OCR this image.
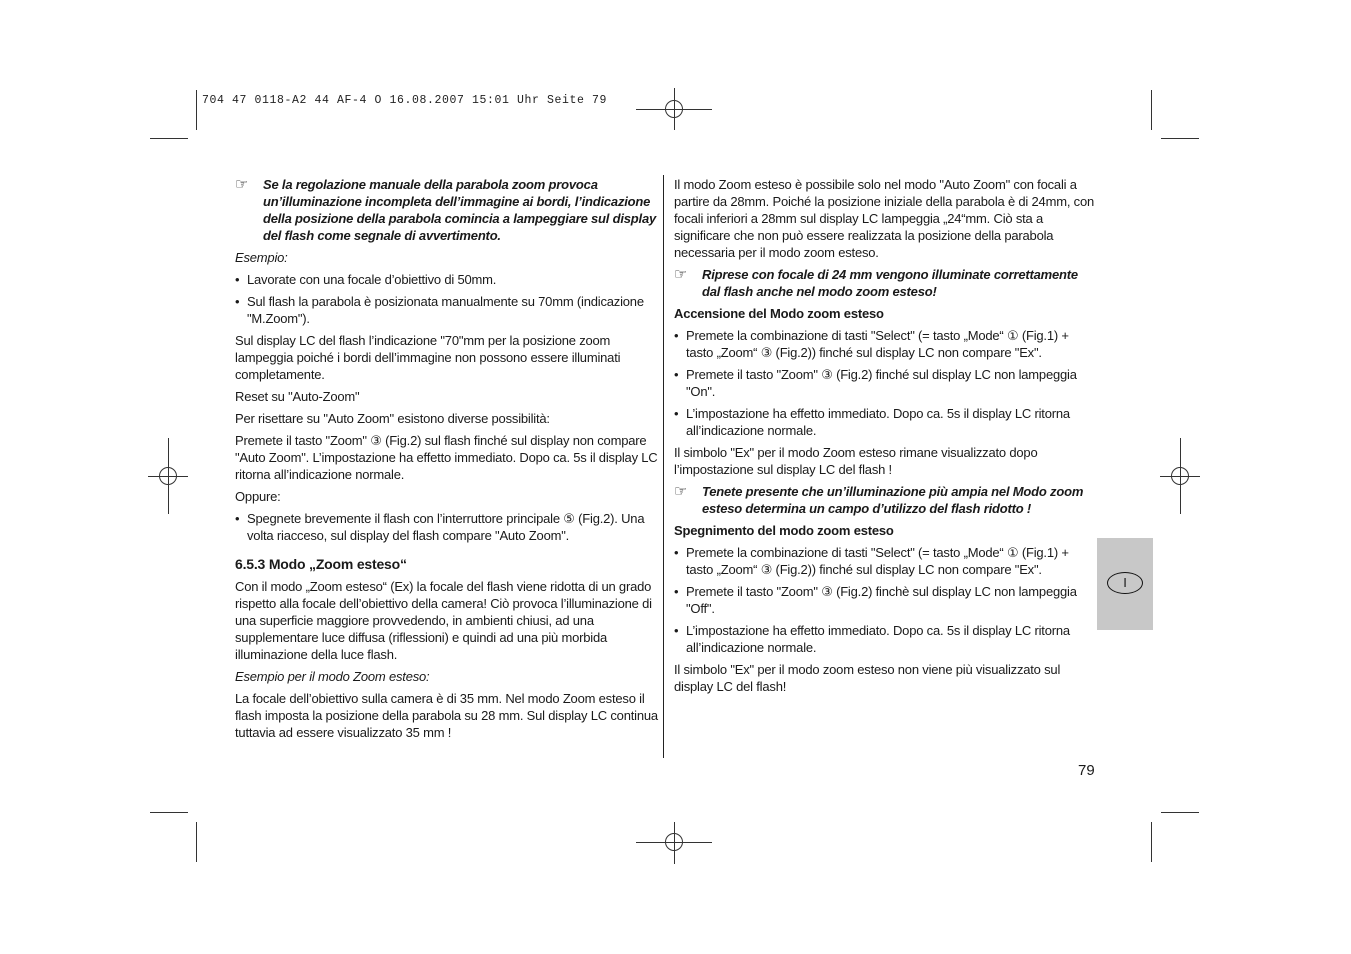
704 47 0118-A2 44 AF-4 O 16.08.2007 15:01 Uhr Seite 79
☞	Se la regolazione manuale della parabola zoom provoca un’illuminazione incompleta dell’immagine ai bordi, l’indicazione della posizione della parabola comincia a lampeggiare sul display del flash come segnale di avvertimento.

Esempio:

• Lavorate con una focale d’obiettivo di 50mm.
• Sul flash la parabola è posizionata manualmente su 70mm (indicazione "M.Zoom").

Sul display LC del flash l’indicazione "70"mm per la posizione zoom lampeggia poiché i bordi dell’immagine non possono essere illuminati completamente.

Reset su "Auto-Zoom"

Per risettare su "Auto Zoom" esistono diverse possibilità:

Premete il tasto "Zoom" ③ (Fig.2) sul flash finché sul display non compare "Auto Zoom". L’impostazione ha effetto immediato. Dopo ca. 5s il display LC ritorna all’indicazione normale.

Oppure:

• Spegnete brevemente il flash con l’interruttore principale ⑤ (Fig.2). Una volta riacceso, sul display del flash compare "Auto Zoom".
6.5.3 Modo „Zoom esteso“

Con il modo „Zoom esteso“ (Ex) la focale del flash viene ridotta di un grado rispetto alla focale dell’obiettivo della camera! Ciò provoca l’illuminazione di una superficie maggiore provvedendo, in ambienti chiusi, ad una supplementare luce diffusa (riflessioni) e quindi ad una più morbida illuminazione della luce flash.

Esempio per il modo Zoom esteso:

La focale dell’obiettivo sulla camera è di 35 mm. Nel modo Zoom esteso il flash imposta la posizione della parabola su 28 mm. Sul display LC continua tuttavia ad essere visualizzato 35 mm !

Il modo Zoom esteso è possibile solo nel modo "Auto Zoom" con focali a partire da 28mm. Poiché la posizione iniziale della parabola è di 24mm, con focali inferiori a 28mm sul display LC lampeggia „24“mm. Ciò sta a significare che non può essere realizzata la posizione della parabola necessaria per il modo zoom esteso.

☞	Riprese con focale di 24 mm vengono illuminate correttamente dal flash anche nel modo zoom esteso!
Accensione del Modo zoom esteso
• Premete la combinazione di tasti "Select" (= tasto „Mode“ ① (Fig.1) + tasto „Zoom“ ③ (Fig.2)) finché sul display LC non compare "Ex".
• Premete il tasto "Zoom" ③ (Fig.2) finché sul display LC non lampeggia "On".
• L’impostazione ha effetto immediato. Dopo ca. 5s il display LC ritorna all’indicazione normale.

Il simbolo "Ex" per il modo Zoom esteso rimane visualizzato dopo l’impostazione sul display LC del flash !

☞	Tenete presente che un’illuminazione più ampia nel Modo zoom esteso determina un campo d’utilizzo del flash ridotto !
Spegnimento del modo zoom esteso
• Premete la combinazione di tasti "Select" (= tasto „Mode“ ① (Fig.1) + tasto „Zoom“ ③ (Fig.2)) finché sul display LC non compare "Ex".
• Premete il tasto "Zoom" ③ (Fig.2) finchè sul display LC non lampeggia "Off".
• L’impostazione ha effetto immediato. Dopo ca. 5s il display LC ritorna all’indicazione normale.

Il simbolo "Ex" per il modo zoom esteso non viene più visualizzato sul display LC del flash!

I
79
